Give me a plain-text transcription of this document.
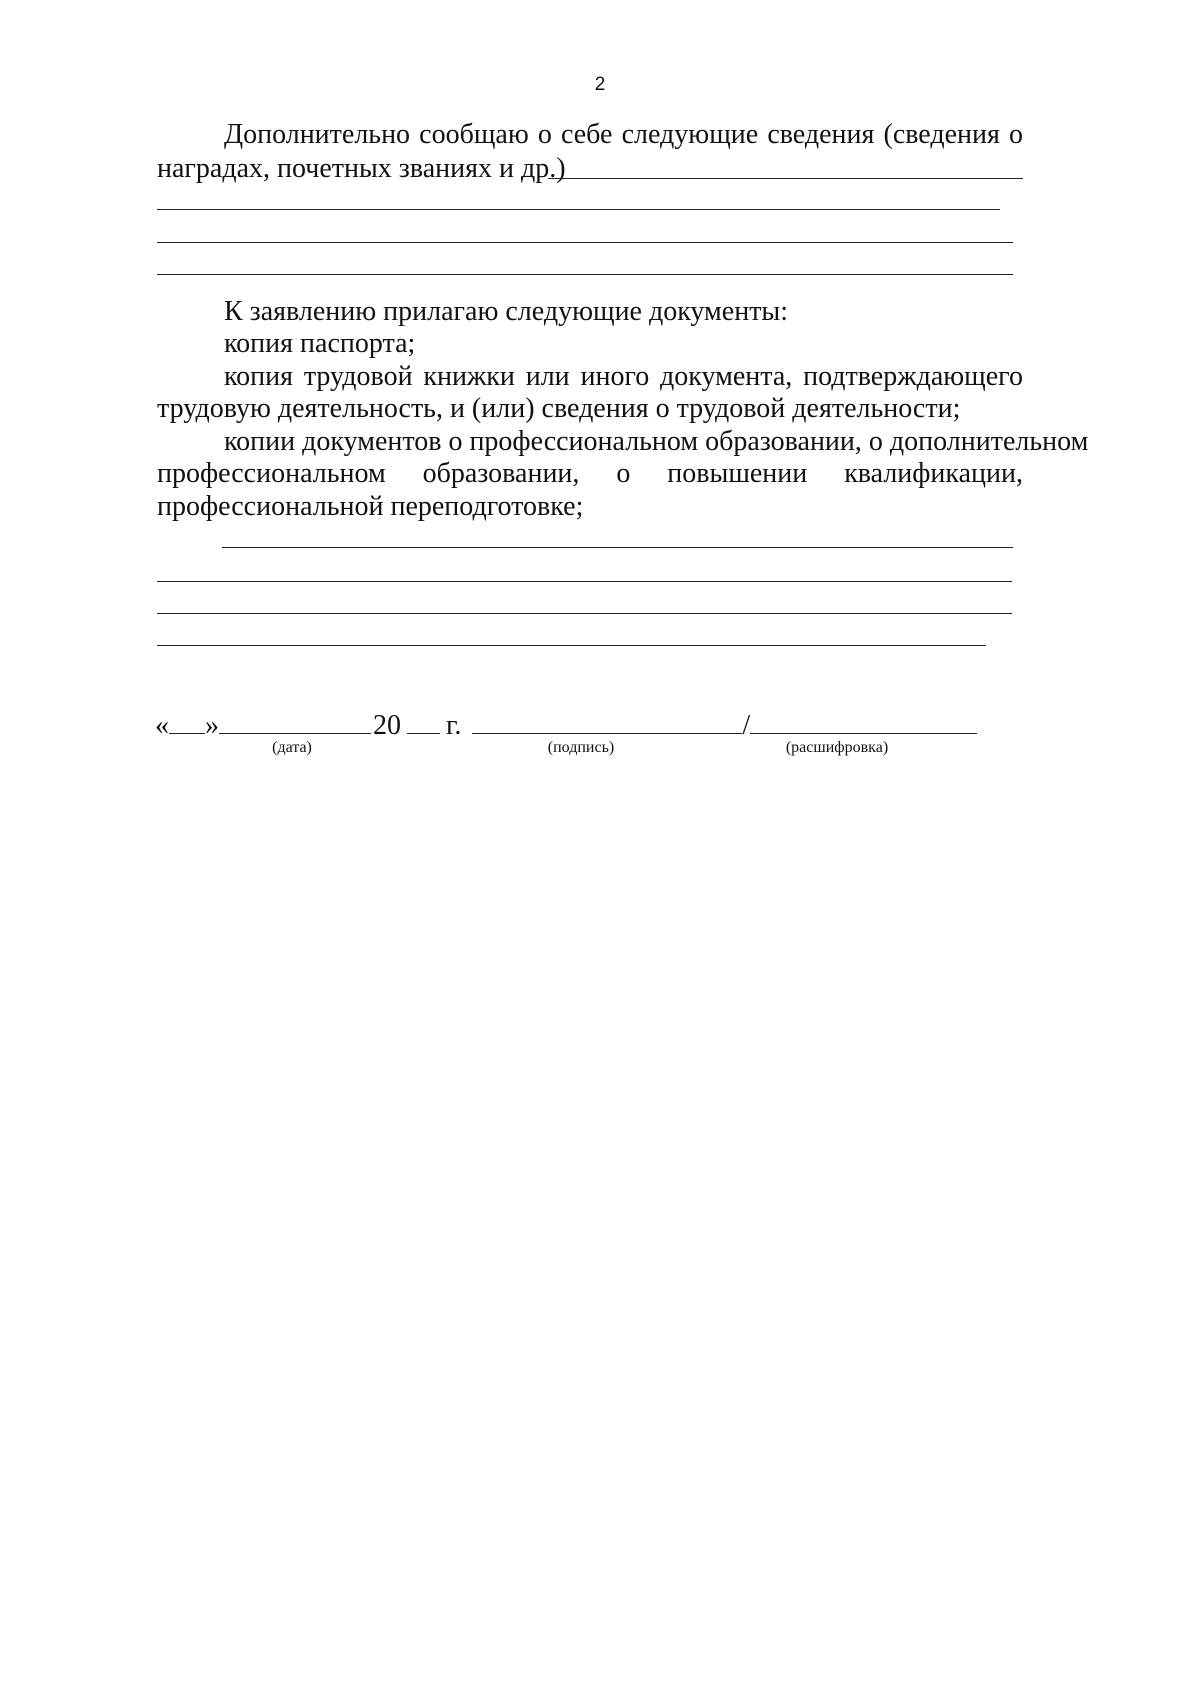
2
Дополнительно сообщаю о себе следующие сведения (сведения о
наградах, почетных званиях и др.)
К заявлению прилагаю следующие документы:
копия паспорта;
копия трудовой книжки или иного документа, подтверждающего
трудовую деятельность, и (или) сведения о трудовой деятельности;
копии документов о профессиональном образовании, о дополнительном
профессиональном образовании, о повышении квалификации,
профессиональной переподготовке;
« »	20 г.	/
(дата)	(подпись)	(расшифровка)
